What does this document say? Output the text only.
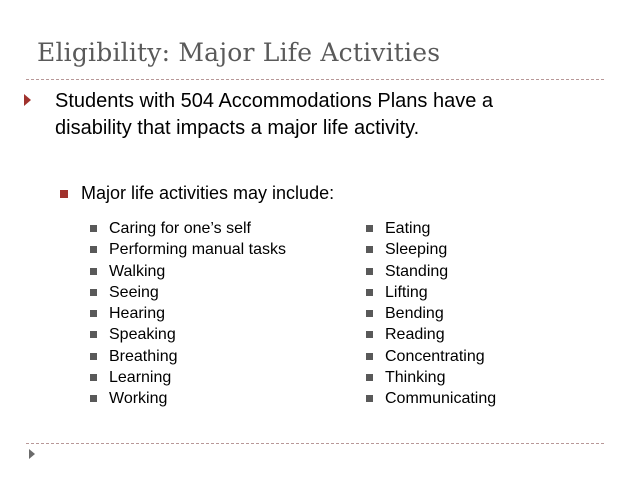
Eligibility: Major Life Activities
Students with 504 Accommodations Plans have a
disability that impacts a major life activity.
Major life activities may include:
Caring for one’s self
Performing manual tasks
Walking
Seeing
Hearing
Speaking
Breathing
Learning
Working
Eating
Sleeping
Standing
Lifting
Bending
Reading
Concentrating
Thinking
Communicating
